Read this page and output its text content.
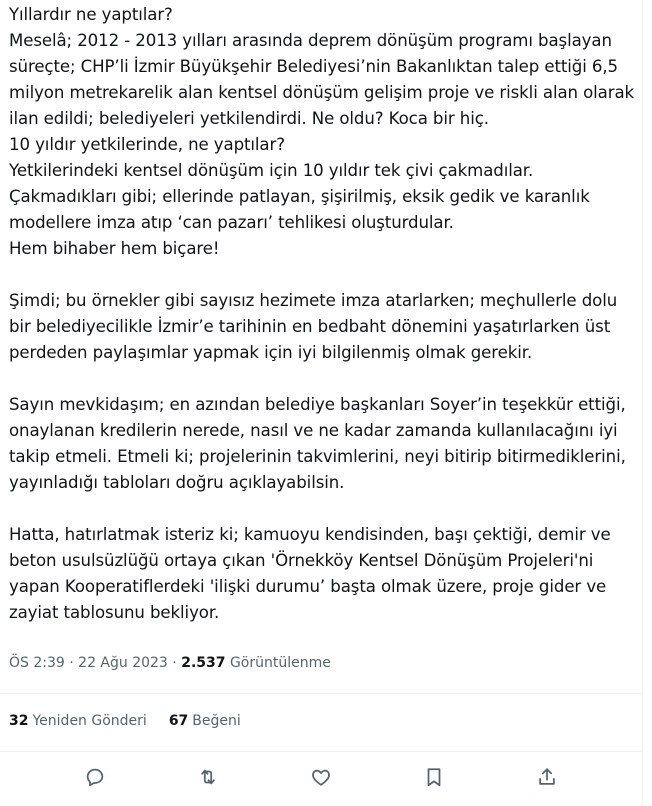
Yıllardır ne yaptılar?

Meselâ; 2012 - 2013 yılları arasında deprem dönüşüm programı başlayan süreçte; CHP’li İzmir Büyükşehir Belediyesi’nin Bakanlıktan talep ettiği 6,5 milyon metrekarelik alan kentsel dönüşüm gelişim proje ve riskli alan olarak ilan edildi; belediyeleri yetkilendirdi. Ne oldu? Koca bir hiç.

10 yıldır yetkilerinde, ne yaptılar?

Yetkilerindeki kentsel dönüşüm için 10 yıldır tek çivi çakmadılar. Çakmadıkları gibi; ellerinde patlayan, şişirilmiş, eksik gedik ve karanlık modellere imza atıp ‘can pazarı’ tehlikesi oluşturdular.

Hem bihaber hem biçare!

Şimdi; bu örnekler gibi sayısız hezimete imza atarlarken; meçhullerle dolu bir belediyecilikle İzmir’e tarihinin en bedbaht dönemini yaşatırlarken üst perdeden paylaşımlar yapmak için iyi bilgilenmiş olmak gerekir.

Sayın mevkidaşım; en azından belediye başkanları Soyer’in teşekkür ettiği, onaylanan kredilerin nerede, nasıl ve ne kadar zamanda kullanılacağını iyi takip etmeli. Etmeli ki; projelerinin takvimlerini, neyi bitirip bitirmediklerini, yayınladığı tabloları doğru açıklayabilsin.

Hatta, hatırlatmak isteriz ki; kamuoyu kendisinden, başı çektiği, demir ve beton usulsüzlüğü ortaya çıkan 'Örnekköy Kentsel Dönüşüm Projeleri'ni yapan Kooperatiflerdeki 'ilişki durumu’ başta olmak üzere, proje gider ve zayiat tablosunu bekliyor.

ÖS 2:39 · 22 Ağu 2023 · 2.537 Görüntülenme
32 Yeniden Gönderi 67 Beğeni
